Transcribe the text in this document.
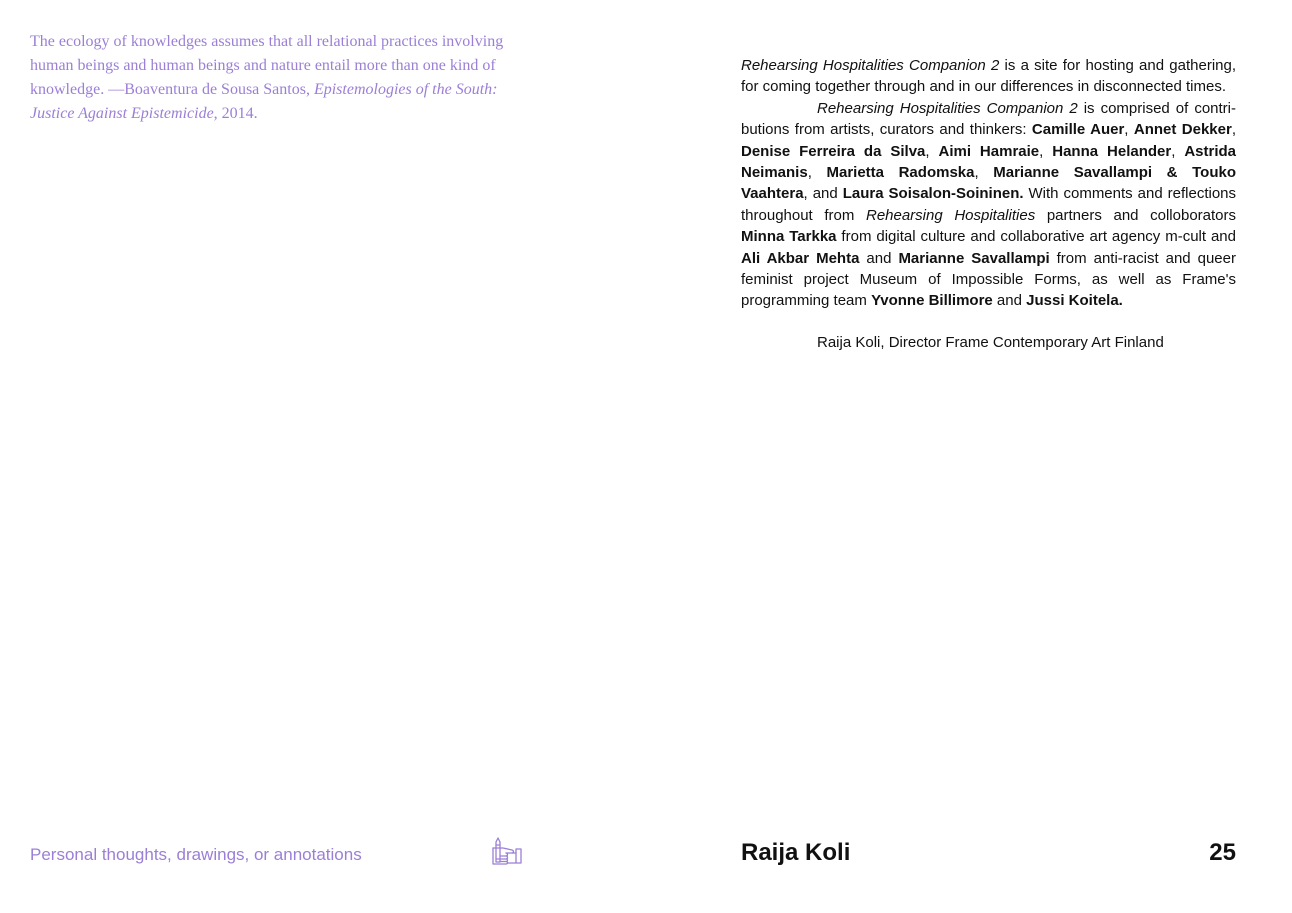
The ecology of knowledges assumes that all relational practices involving human beings and human beings and nature entail more than one kind of knowledge. —Boaventura de Sousa Santos, Epistemologies of the South: Justice Against Epistemicide, 2014.

Rehearsing Hospitalities Companion 2 is a site for hosting and gathering, for coming together through and in our differences in disconnected times.

Rehearsing Hospitalities Companion 2 is comprised of contributions from artists, curators and thinkers: Camille Auer, Annet Dekker, Denise Ferreira da Silva, Aimi Hamraie, Hanna Helander, Astrida Neimanis, Marietta Radomska, Marianne Savallampi & Touko Vaahtera, and Laura Soisalon-Soininen. With comments and reflections throughout from Rehearsing Hospitalities partners and colloborators Minna Tarkka from digital culture and collaborative art agency m-cult and Ali Akbar Mehta and Marianne Savallampi from anti-racist and queer feminist project Museum of Impossible Forms, as well as Frame's programming team Yvonne Billimore and Jussi Koitela.

Raija Koli, Director Frame Contemporary Art Finland

Personal thoughts, drawings, or annotations	Raija Koli	25
